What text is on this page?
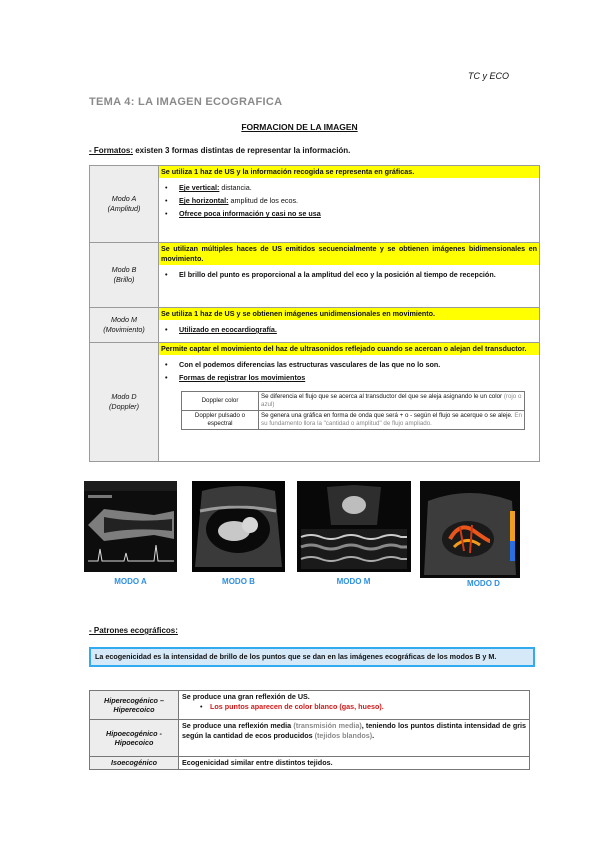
TC y ECO
TEMA 4: LA IMAGEN ECOGRAFICA
FORMACION DE LA IMAGEN
- Formatos: existen 3 formas distintas de representar la información.
Modo A
(Amplitud)

Se utiliza 1 haz de US y la información recogida se representa en gráficas.
• Eje vertical: distancia.
• Eje horizontal: amplitud de los ecos.
• Ofrece poca información y casi no se usa

Modo B
(Brillo)

Se utilizan múltiples haces de US emitidos secuencialmente y se obtienen imágenes bidimensionales en movimiento.
• El brillo del punto es proporcional a la amplitud del eco y la posición al tiempo de recepción.

Modo M
(Movimiento)

Se utiliza 1 haz de US y se obtienen imágenes unidimensionales en movimiento.
• Utilizado en ecocardiografía.

Modo D
(Doppler)

Permite captar el movimiento del haz de ultrasonidos reflejado cuando se acercan o alejan del transductor.
• Con el podemos diferencias las estructuras vasculares de las que no lo son.
• Formas de registrar los movimientos
Doppler color	Se diferencia el flujo que se acerca al transductor del que se aleja asignando le un color (rojo o azul)
Doppler pulsado o espectral	Se genera una gráfica en forma de onda que será + o - según el flujo se acerque o se aleje. En su fundamento llora la "cantidad o amplitud" de flujo ampliado.
MODO A	MODO B	MODO M	MODO D
- Patrones ecográficos:
La ecogenicidad es la intensidad de brillo de los puntos que se dan en las imágenes ecográficas de los modos B y M.
Hiperecogénico – Hiperecoico	Se produce una gran reflexión de US.
• Los puntos aparecen de color blanco (gas, hueso).

Hipoecogénico - Hipoecoico	Se produce una reflexión media (transmisión media), teniendo los puntos distinta intensidad de gris según la cantidad de ecos producidos (tejidos blandos).
Isoecogénico	Ecogenicidad similar entre distintos tejidos.
